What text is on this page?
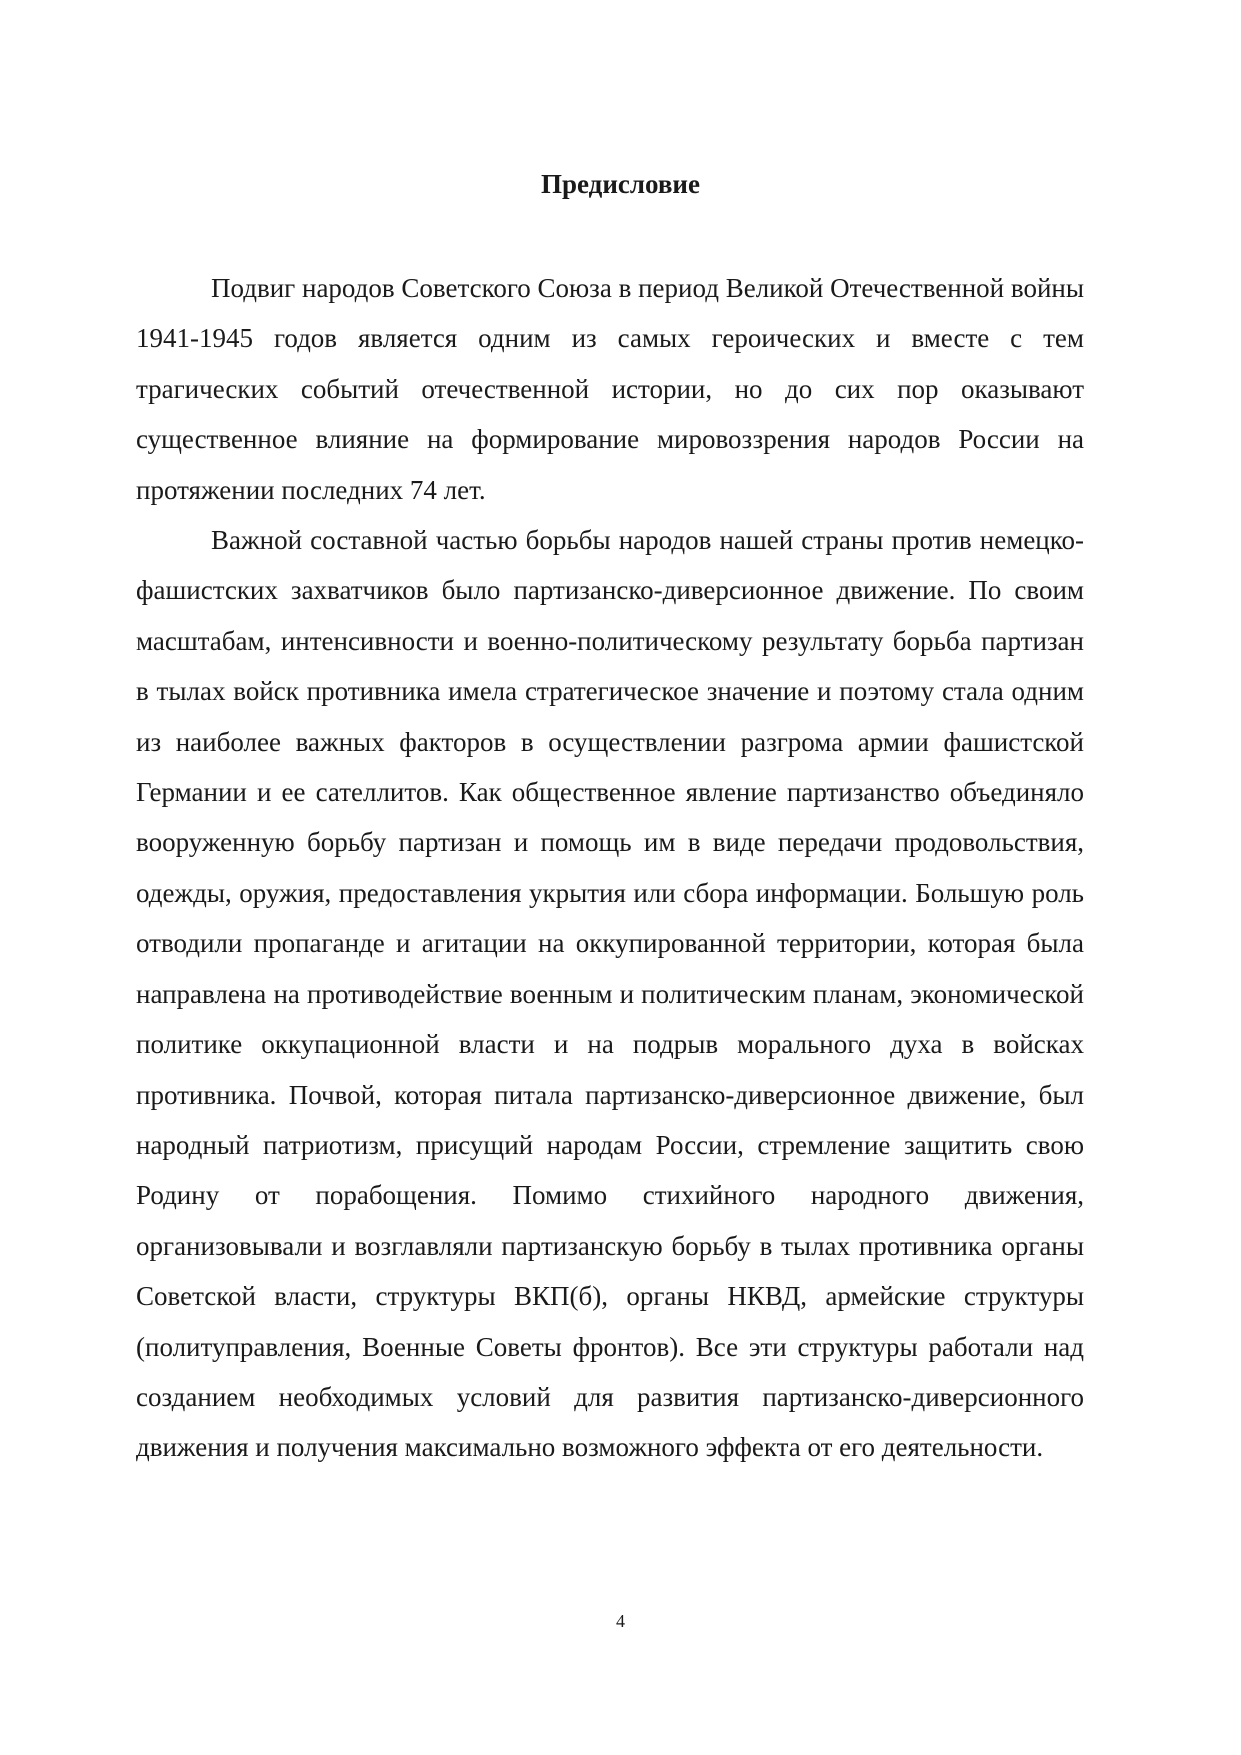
Предисловие

Подвиг народов Советского Союза в период Великой Отечественной войны 1941-1945 годов является одним из самых героических и вместе с тем трагических событий отечественной истории, но до сих пор оказывают существенное влияние на формирование мировоззрения народов России на протяжении последних 74 лет.

Важной составной частью борьбы народов нашей страны против немецко-фашистских захватчиков было партизанско-диверсионное движение. По своим масштабам, интенсивности и военно-политическому результату борьба партизан в тылах войск противника имела стратегическое значение и поэтому стала одним из наиболее важных факторов в осуществлении разгрома армии фашистской Германии и ее сателлитов. Как общественное явление партизанство объединяло вооруженную борьбу партизан и помощь им в виде передачи продовольствия, одежды, оружия, предоставления укрытия или сбора информации. Большую роль отводили пропаганде и агитации на оккупированной территории, которая была направлена на противодействие военным и политическим планам, экономической политике оккупационной власти и на подрыв морального духа в войсках противника. Почвой, которая питала партизанско-диверсионное движение, был народный патриотизм, присущий народам России, стремление защитить свою Родину от порабощения. Помимо стихийного народного движения, организовывали и возглавляли партизанскую борьбу в тылах противника органы Советской власти, структуры ВКП(б), органы НКВД, армейские структуры (политуправления, Военные Советы фронтов). Все эти структуры работали над созданием необходимых условий для развития партизанско-диверсионного движения и получения максимально возможного эффекта от его деятельности.

4
